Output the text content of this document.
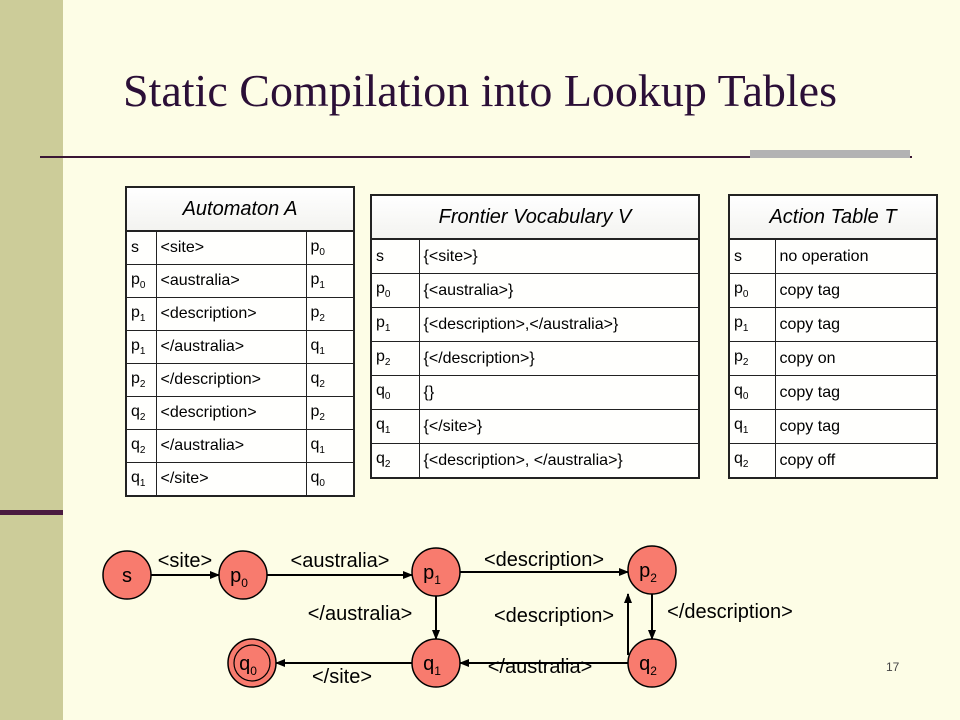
Static Compilation into Lookup Tables
Automaton A		
s	<site>	$p_0$
$p_0$	<australia>	$p_1$
$p_1$	<description>	$p_2$
$p_1$	</australia>	$q_1$
$p_2$	</description>	$q_2$
$q_2$	<description>	$p_2$
$q_2$	</australia>	$q_1$
$q_1$	</site>	$q_0$
Frontier Vocabulary V	
s	{<site>}
$p_0$	{<australia>}
$p_1$	{<description>,</australia>}
$p_2$	{</description>}
$q_0$	{}
$q_1$	{</site>}
$q_2$	{<description>, </australia>}
Action Table T	
s	no operation
$p_0$	copy tag
$p_1$	copy tag
$p_2$	copy on
$q_0$	copy tag
$q_1$	copy tag
$q_2$	copy off
<site>	<australia>	<description>
</australia>	<description>	</description>
</australia>
</site>
s	$p_0$	$p_1$	$p_2$
$q_0$	$q_1$	$q_2$	17
